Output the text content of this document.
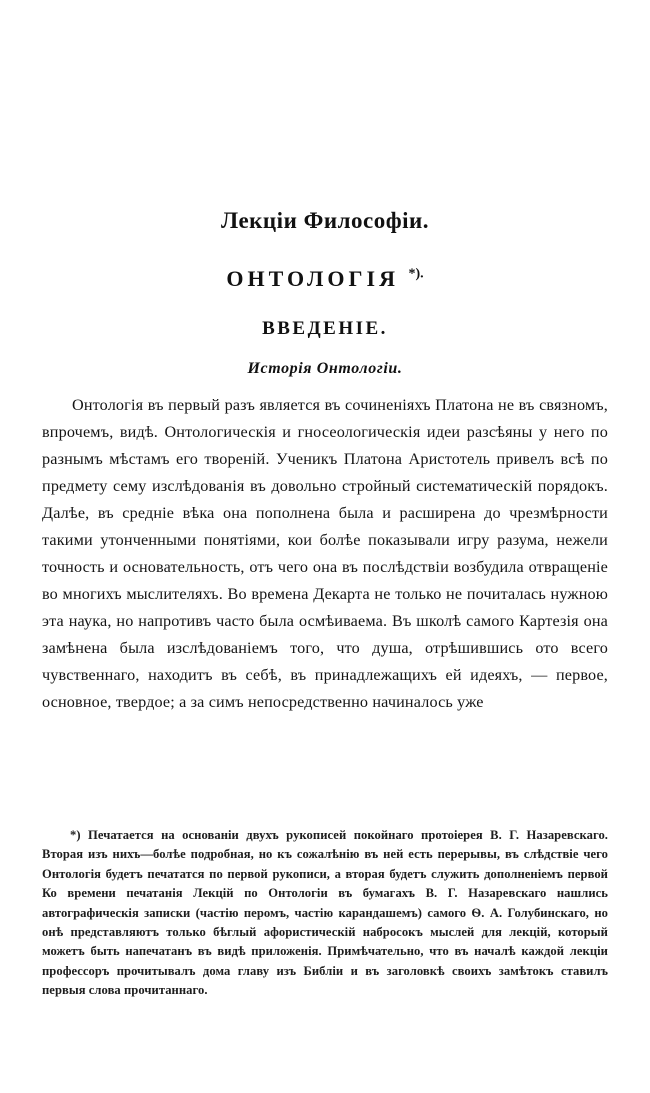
Лекціи Философіи.
ОНТОЛОГІЯ *).
ВВЕДЕНІЕ.
Исторія Онтологіи.

Онтологія въ первый разъ является въ сочиненіяхъ Платона не въ связномъ, впрочемъ, видѣ. Онтологическія и гносеологическія идеи разсѣяны у него по разнымъ мѣстамъ его твореній. Ученикъ Платона Аристотель привелъ всѣ по предмету сему изслѣдованія въ довольно стройный систематическій порядокъ. Далѣе, въ средніе вѣка она пополнена была и расширена до чрезмѣрности такими утонченными понятіями, кои болѣе показывали игру разума, нежели точность и основательность, отъ чего она въ послѣдствіи возбудила отвращеніе во многихъ мыслителяхъ. Во времена Декарта не только не почиталась нужною эта наука, но напротивъ часто была осмѣиваема. Въ школѣ самого Картезія она замѣнена была изслѣдованіемъ того, что душа, отрѣшившись ото всего чувственнаго, находитъ въ себѣ, въ принадлежащихъ ей идеяхъ, — первое, основное, твердое; а за симъ непосредственно начиналось уже

*) Печатается на основаніи двухъ рукописей покойнаго протоіерея В. Г. Назаревскаго. Вторая изъ нихъ—болѣе подробная, но къ сожалѣнію въ ней есть перерывы, въ слѣдствіе чего Онтологія будетъ печататся по первой рукописи, а вторая будетъ служить дополненіемъ первой Ко времени печатанія Лекцій по Онтологіи въ бумагахъ В. Г. Назаревскаго нашлись автографическія записки (частію перомъ, частію карандашемъ) самого Ѳ. А. Голубинскаго, но онѣ представляютъ только бѣглый афористическій набросокъ мыслей для лекцій, который можетъ быть напечатанъ въ видѣ приложенія. Примѣчательно, что въ началѣ каждой лекціи профессоръ прочитывалъ дома главу изъ Библіи и въ заголовкѣ своихъ замѣтокъ ставилъ первыя слова прочитаннаго.
